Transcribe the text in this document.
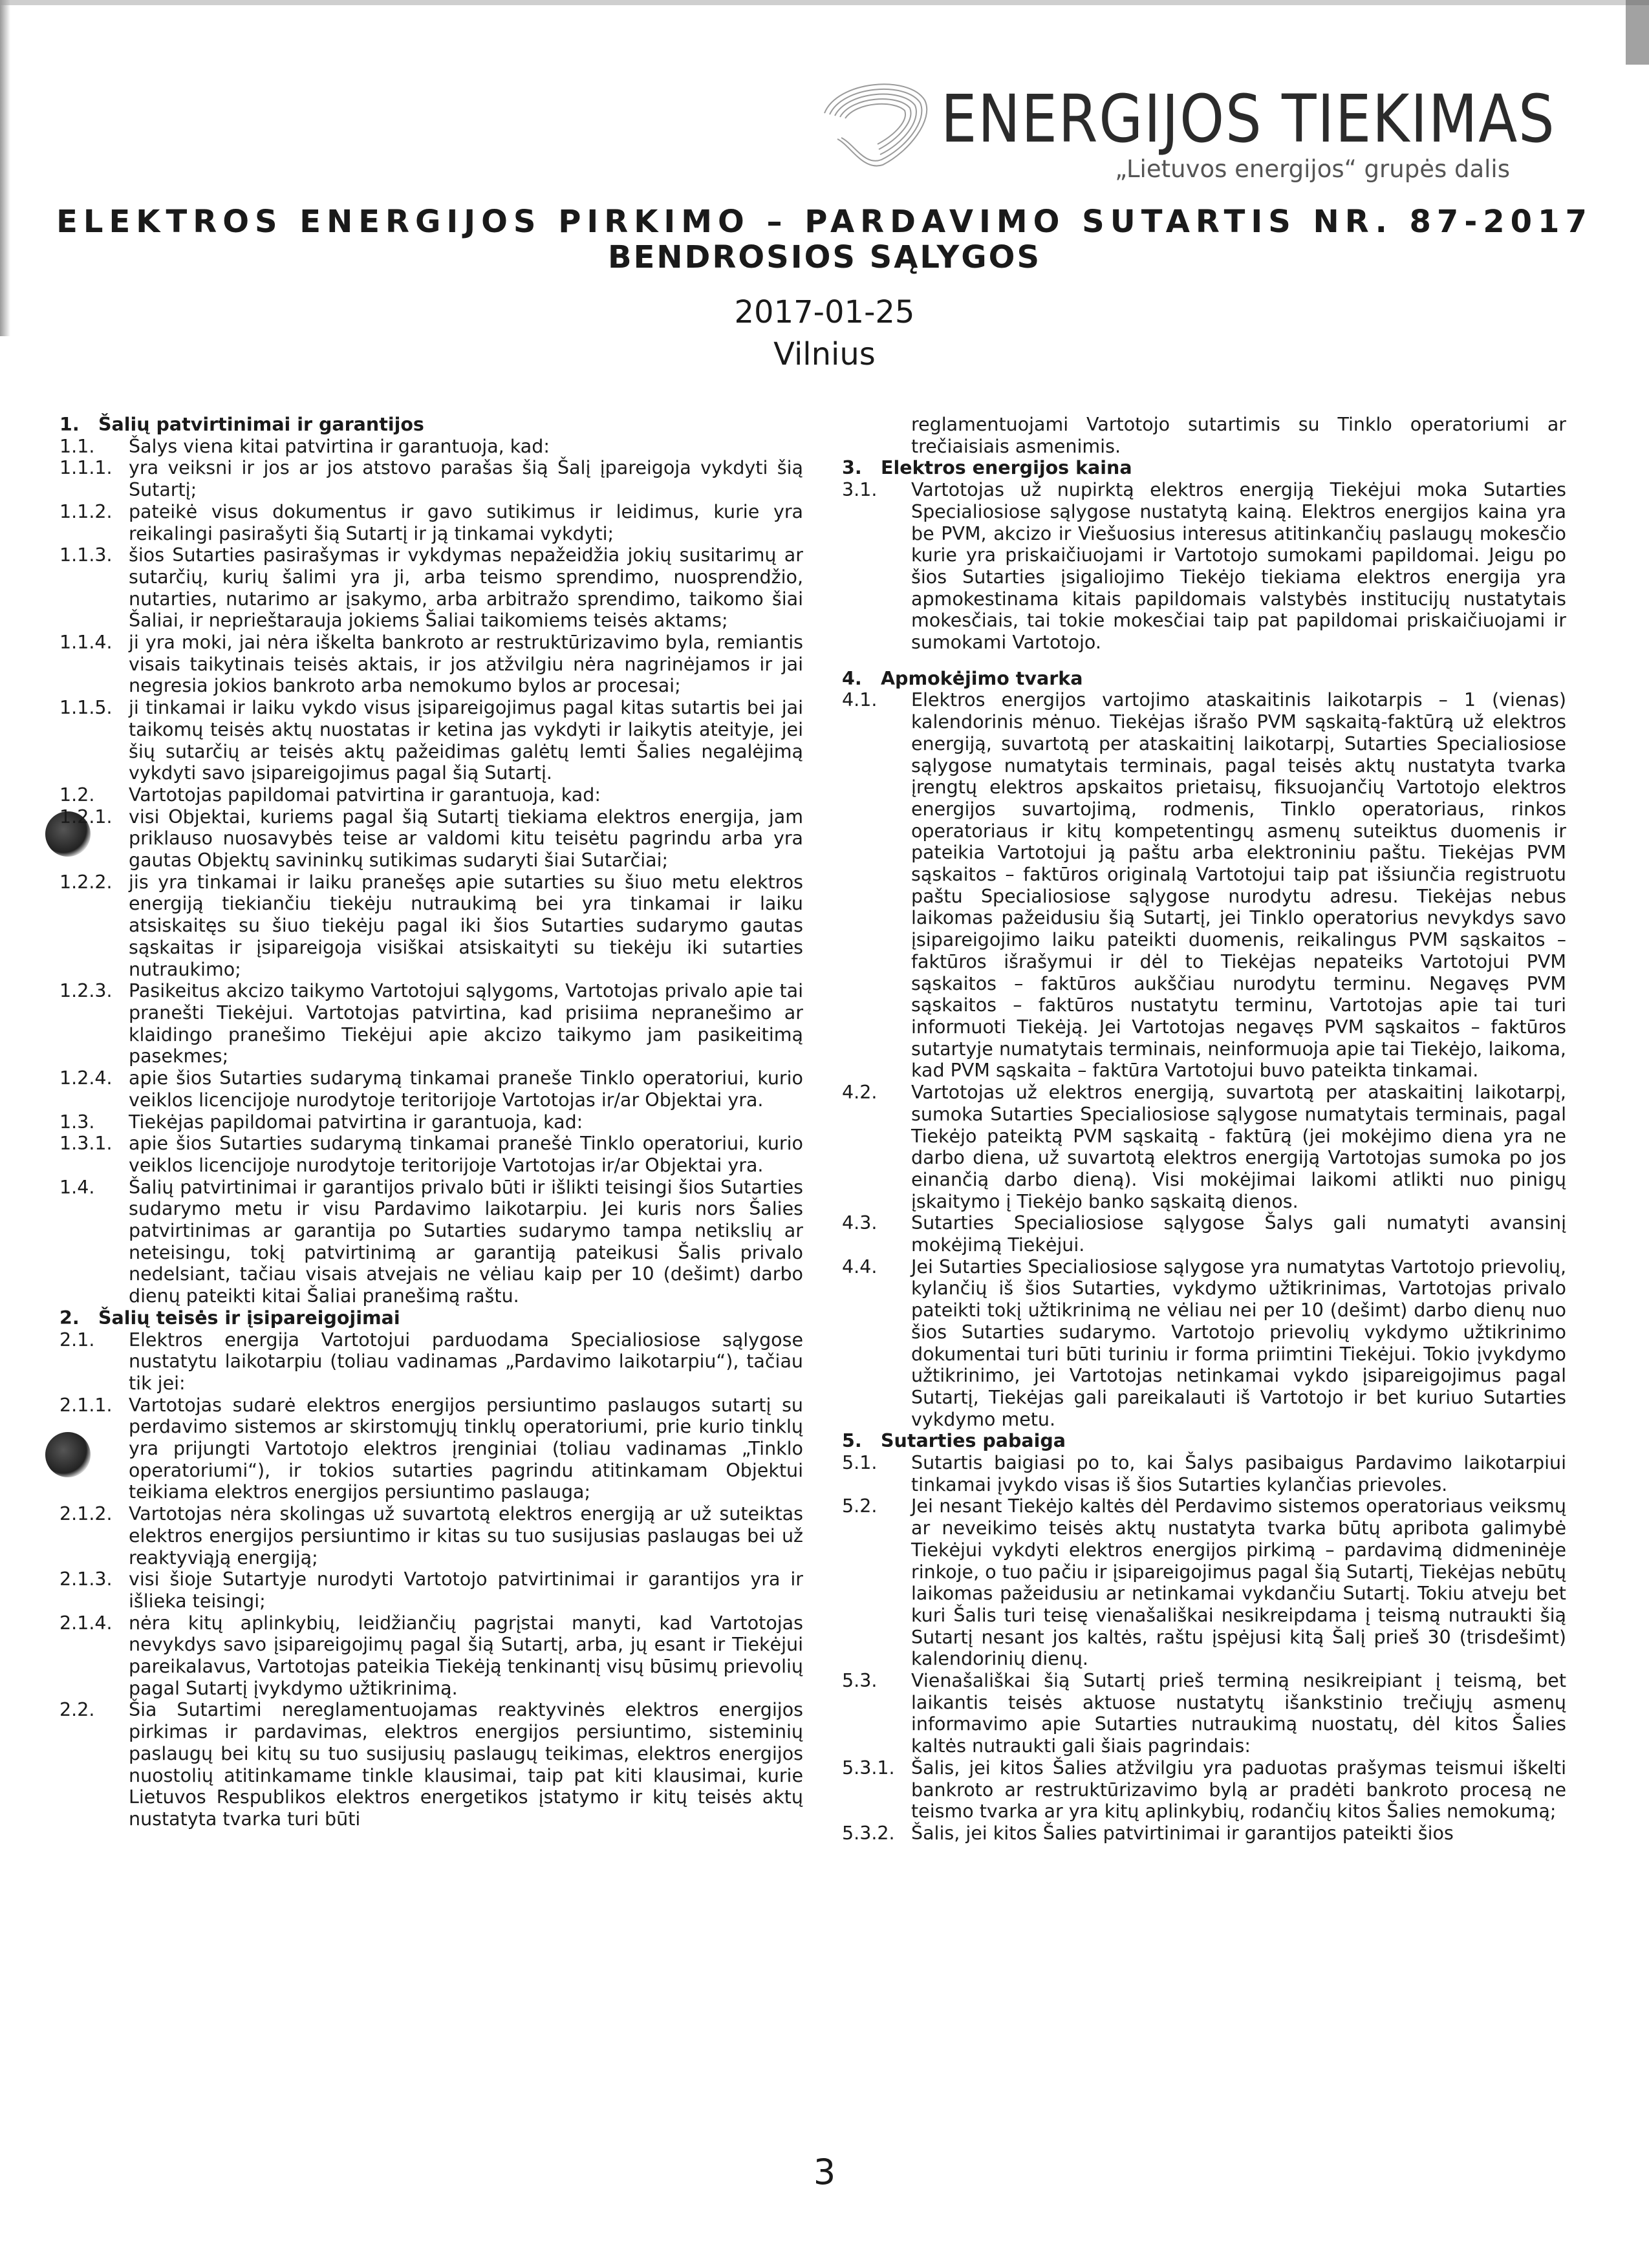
ENERGIJOS TIEKIMAS
„Lietuvos energijos“ grupės dalis
ELEKTROS ENERGIJOS PIRKIMO – PARDAVIMO SUTARTIS NR. 87-2017
BENDROSIOS SĄLYGOS
2017-01-25
Vilnius
1.	Šalių patvirtinimai ir garantijos
1.1.	Šalys viena kitai patvirtina ir garantuoja, kad:
1.1.1. yra veiksni ir jos ar jos atstovo parašas šią Šalį įpareigoja vykdyti šią Sutartį;
1.1.2. pateikė visus dokumentus ir gavo sutikimus ir leidimus, kurie yra reikalingi pasirašyti šią Sutartį ir ją tinkamai vykdyti;
1.1.3. šios Sutarties pasirašymas ir vykdymas nepažeidžia jokių susitarimų ar sutarčių, kurių šalimi yra ji, arba teismo sprendimo, nuosprendžio, nutarties, nutarimo ar įsakymo, arba arbitražo sprendimo, taikomo šiai Šaliai, ir neprieštarauja jokiems Šaliai taikomiems teisės aktams;
1.1.4. ji yra moki, jai nėra iškelta bankroto ar restruktūrizavimo byla, remiantis visais taikytinais teisės aktais, ir jos atžvilgiu nėra nagrinėjamos ir jai negresia jokios bankroto arba nemokumo bylos ar procesai;
1.1.5. ji tinkamai ir laiku vykdo visus įsipareigojimus pagal kitas sutartis bei jai taikomų teisės aktų nuostatas ir ketina jas vykdyti ir laikytis ateityje, jei šių sutarčių ar teisės aktų pažeidimas galėtų lemti Šalies negalėjimą vykdyti savo įsipareigojimus pagal šią Sutartį.
1.2.	Vartotojas papildomai patvirtina ir garantuoja, kad:
1.2.1. visi Objektai, kuriems pagal šią Sutartį tiekiama elektros energija, jam priklauso nuosavybės teise ar valdomi kitu teisėtu pagrindu arba yra gautas Objektų savininkų sutikimas sudaryti šiai Sutarčiai;
1.2.2. jis yra tinkamai ir laiku pranešęs apie sutarties su šiuo metu elektros energiją tiekiančiu tiekėju nutraukimą bei yra tinkamai ir laiku atsiskaitęs su šiuo tiekėju pagal iki šios Sutarties sudarymo gautas sąskaitas ir įsipareigoja visiškai atsiskaityti su tiekėju iki sutarties nutraukimo;
1.2.3. Pasikeitus akcizo taikymo Vartotojui sąlygoms, Vartotojas privalo apie tai pranešti Tiekėjui. Vartotojas patvirtina, kad prisiima nepranešimo ar klaidingo pranešimo Tiekėjui apie akcizo taikymo jam pasikeitimą pasekmes;
1.2.4. apie šios Sutarties sudarymą tinkamai praneše Tinklo operatoriui, kurio veiklos licencijoje nurodytoje teritorijoje Vartotojas ir/ar Objektai yra.
1.3.	Tiekėjas papildomai patvirtina ir garantuoja, kad:
1.3.1. apie šios Sutarties sudarymą tinkamai pranešė Tinklo operatoriui, kurio veiklos licencijoje nurodytoje teritorijoje Vartotojas ir/ar Objektai yra.
1.4.	Šalių patvirtinimai ir garantijos privalo būti ir išlikti teisingi šios Sutarties sudarymo metu ir visu Pardavimo laikotarpiu. Jei kuris nors Šalies patvirtinimas ar garantija po Sutarties sudarymo tampa netikslių ar neteisingu, tokį patvirtinimą ar garantiją pateikusi Šalis privalo nedelsiant, tačiau visais atvejais ne vėliau kaip per 10 (dešimt) darbo dienų pateikti kitai Šaliai pranešimą raštu.
2.	Šalių teisės ir įsipareigojimai
2.1.	Elektros energija Vartotojui parduodama Specialiosiose sąlygose nustatytu laikotarpiu (toliau vadinamas „Pardavimo laikotarpiu“), tačiau tik jei:
2.1.1. Vartotojas sudarė elektros energijos persiuntimo paslaugos sutartį su perdavimo sistemos ar skirstomųjų tinklų operatoriumi, prie kurio tinklų yra prijungti Vartotojo elektros įrenginiai (toliau vadinamas „Tinklo operatoriumi“), ir tokios sutarties pagrindu atitinkamam Objektui teikiama elektros energijos persiuntimo paslauga;
2.1.2. Vartotojas nėra skolingas už suvartotą elektros energiją ar už suteiktas elektros energijos persiuntimo ir kitas su tuo susijusias paslaugas bei už reaktyviąją energiją;
2.1.3. visi šioje Sutartyje nurodyti Vartotojo patvirtinimai ir garantijos yra ir išlieka teisingi;
2.1.4. nėra kitų aplinkybių, leidžiančių pagrįstai manyti, kad Vartotojas nevykdys savo įsipareigojimų pagal šią Sutartį, arba, jų esant ir Tiekėjui pareikalavus, Vartotojas pateikia Tiekėją tenkinantį visų būsimų prievolių pagal Sutartį įvykdymo užtikrinimą.
2.2.	Šia Sutartimi nereglamentuojamas reaktyvinės elektros energijos pirkimas ir pardavimas, elektros energijos persiuntimo, sisteminių paslaugų bei kitų su tuo susijusių paslaugų teikimas, elektros energijos nuostolių atitinkamame tinkle klausimai, taip pat kiti klausimai, kurie Lietuvos Respublikos elektros energetikos įstatymo ir kitų teisės aktų nustatyta tvarka turi būti
reglamentuojami Vartotojo sutartimis su Tinklo operatoriumi ar trečiaisiais asmenimis.
3.	Elektros energijos kaina
3.1.	Vartotojas už nupirktą elektros energiją Tiekėjui moka Sutarties Specialiosiose sąlygose nustatytą kainą. Elektros energijos kaina yra be PVM, akcizo ir Viešuosius interesus atitinkančių paslaugų mokesčio kurie yra priskaičiuojami ir Vartotojo sumokami papildomai. Jeigu po šios Sutarties įsigaliojimo Tiekėjo tiekiama elektros energija yra apmokestinama kitais papildomais valstybės institucijų nustatytais mokesčiais, tai tokie mokesčiai taip pat papildomai priskaičiuojami ir sumokami Vartotojo.
4.	Apmokėjimo tvarka
4.1.	Elektros energijos vartojimo ataskaitinis laikotarpis – 1 (vienas) kalendorinis mėnuo. Tiekėjas išrašo PVM sąskaitą-faktūrą už elektros energiją, suvartotą per ataskaitinį laikotarpį, Sutarties Specialiosiose sąlygose numatytais terminais, pagal teisės aktų nustatyta tvarka įrengtų elektros apskaitos prietaisų, fiksuojančių Vartotojo elektros energijos suvartojimą, rodmenis, Tinklo operatoriaus, rinkos operatoriaus ir kitų kompetentingų asmenų suteiktus duomenis ir pateikia Vartotojui ją paštu arba elektroniniu paštu. Tiekėjas PVM sąskaitos – faktūros originalą Vartotojui taip pat išsiunčia registruotu paštu Specialiosiose sąlygose nurodytu adresu. Tiekėjas nebus laikomas pažeidusiu šią Sutartį, jei Tinklo operatorius nevykdys savo įsipareigojimo laiku pateikti duomenis, reikalingus PVM sąskaitos – faktūros išrašymui ir dėl to Tiekėjas nepateiks Vartotojui PVM sąskaitos – faktūros aukščiau nurodytu terminu. Negavęs PVM sąskaitos – faktūros nustatytu terminu, Vartotojas apie tai turi informuoti Tiekėją. Jei Vartotojas negavęs PVM sąskaitos – faktūros sutartyje numatytais terminais, neinformuoja apie tai Tiekėjo, laikoma, kad PVM sąskaita – faktūra Vartotojui buvo pateikta tinkamai.
4.2.	Vartotojas už elektros energiją, suvartotą per ataskaitinį laikotarpį, sumoka Sutarties Specialiosiose sąlygose numatytais terminais, pagal Tiekėjo pateiktą PVM sąskaitą - faktūrą (jei mokėjimo diena yra ne darbo diena, už suvartotą elektros energiją Vartotojas sumoka po jos einančią darbo dieną). Visi mokėjimai laikomi atlikti nuo pinigų įskaitymo į Tiekėjo banko sąskaitą dienos.
4.3.	Sutarties Specialiosiose sąlygose Šalys gali numatyti avansinį mokėjimą Tiekėjui.
4.4.	Jei Sutarties Specialiosiose sąlygose yra numatytas Vartotojo prievolių, kylančių iš šios Sutarties, vykdymo užtikrinimas, Vartotojas privalo pateikti tokį užtikrinimą ne vėliau nei per 10 (dešimt) darbo dienų nuo šios Sutarties sudarymo. Vartotojo prievolių vykdymo užtikrinimo dokumentai turi būti turiniu ir forma priimtini Tiekėjui. Tokio įvykdymo užtikrinimo, jei Vartotojas netinkamai vykdo įsipareigojimus pagal Sutartį, Tiekėjas gali pareikalauti iš Vartotojo ir bet kuriuo Sutarties vykdymo metu.
5.	Sutarties pabaiga
5.1.	Sutartis baigiasi po to, kai Šalys pasibaigus Pardavimo laikotarpiui tinkamai įvykdo visas iš šios Sutarties kylančias prievoles.
5.2.	Jei nesant Tiekėjo kaltės dėl Perdavimo sistemos operatoriaus veiksmų ar neveikimo teisės aktų nustatyta tvarka būtų apribota galimybė Tiekėjui vykdyti elektros energijos pirkimą – pardavimą didmeninėje rinkoje, o tuo pačiu ir įsipareigojimus pagal šią Sutartį, Tiekėjas nebūtų laikomas pažeidusiu ar netinkamai vykdančiu Sutartį. Tokiu atveju bet kuri Šalis turi teisę vienašališkai nesikreipdama į teismą nutraukti šią Sutartį nesant jos kaltės, raštu įspėjusi kitą Šalį prieš 30 (trisdešimt) kalendorinių dienų.
5.3.	Vienašališkai šią Sutartį prieš terminą nesikreipiant į teismą, bet laikantis teisės aktuose nustatytų išankstinio trečiųjų asmenų informavimo apie Sutarties nutraukimą nuostatų, dėl kitos Šalies kaltės nutraukti gali šiais pagrindais:
5.3.1. Šalis, jei kitos Šalies atžvilgiu yra paduotas prašymas teismui iškelti bankroto ar restruktūrizavimo bylą ar pradėti bankroto procesą ne teismo tvarka ar yra kitų aplinkybių, rodančių kitos Šalies nemokumą;
5.3.2. Šalis, jei kitos Šalies patvirtinimai ir garantijos pateikti šios
3
